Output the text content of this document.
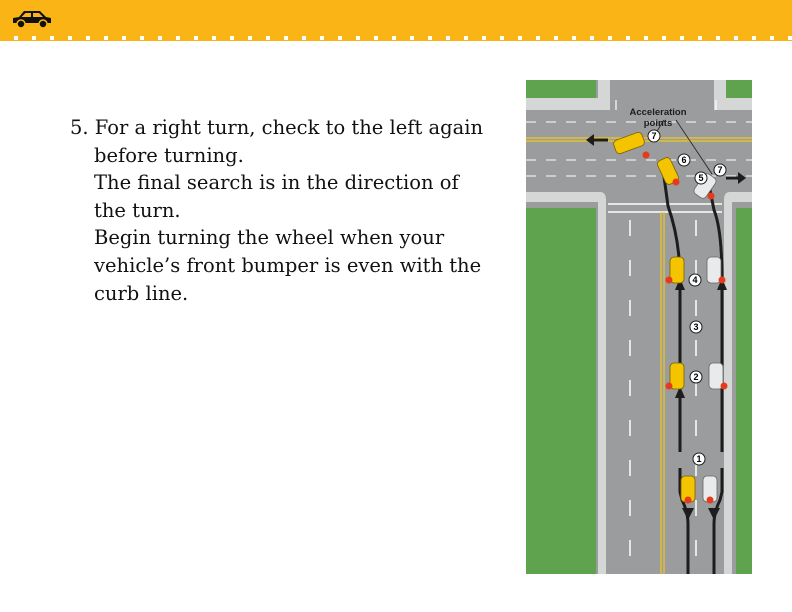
5. For a right turn, check to the left again
before turning.
The final search is in the direction of
the turn.
Begin turning the wheel when your
vehicle’s front bumper is even with the
curb line.
Acceleration
points
1
2
3
4
5
6
7
7
